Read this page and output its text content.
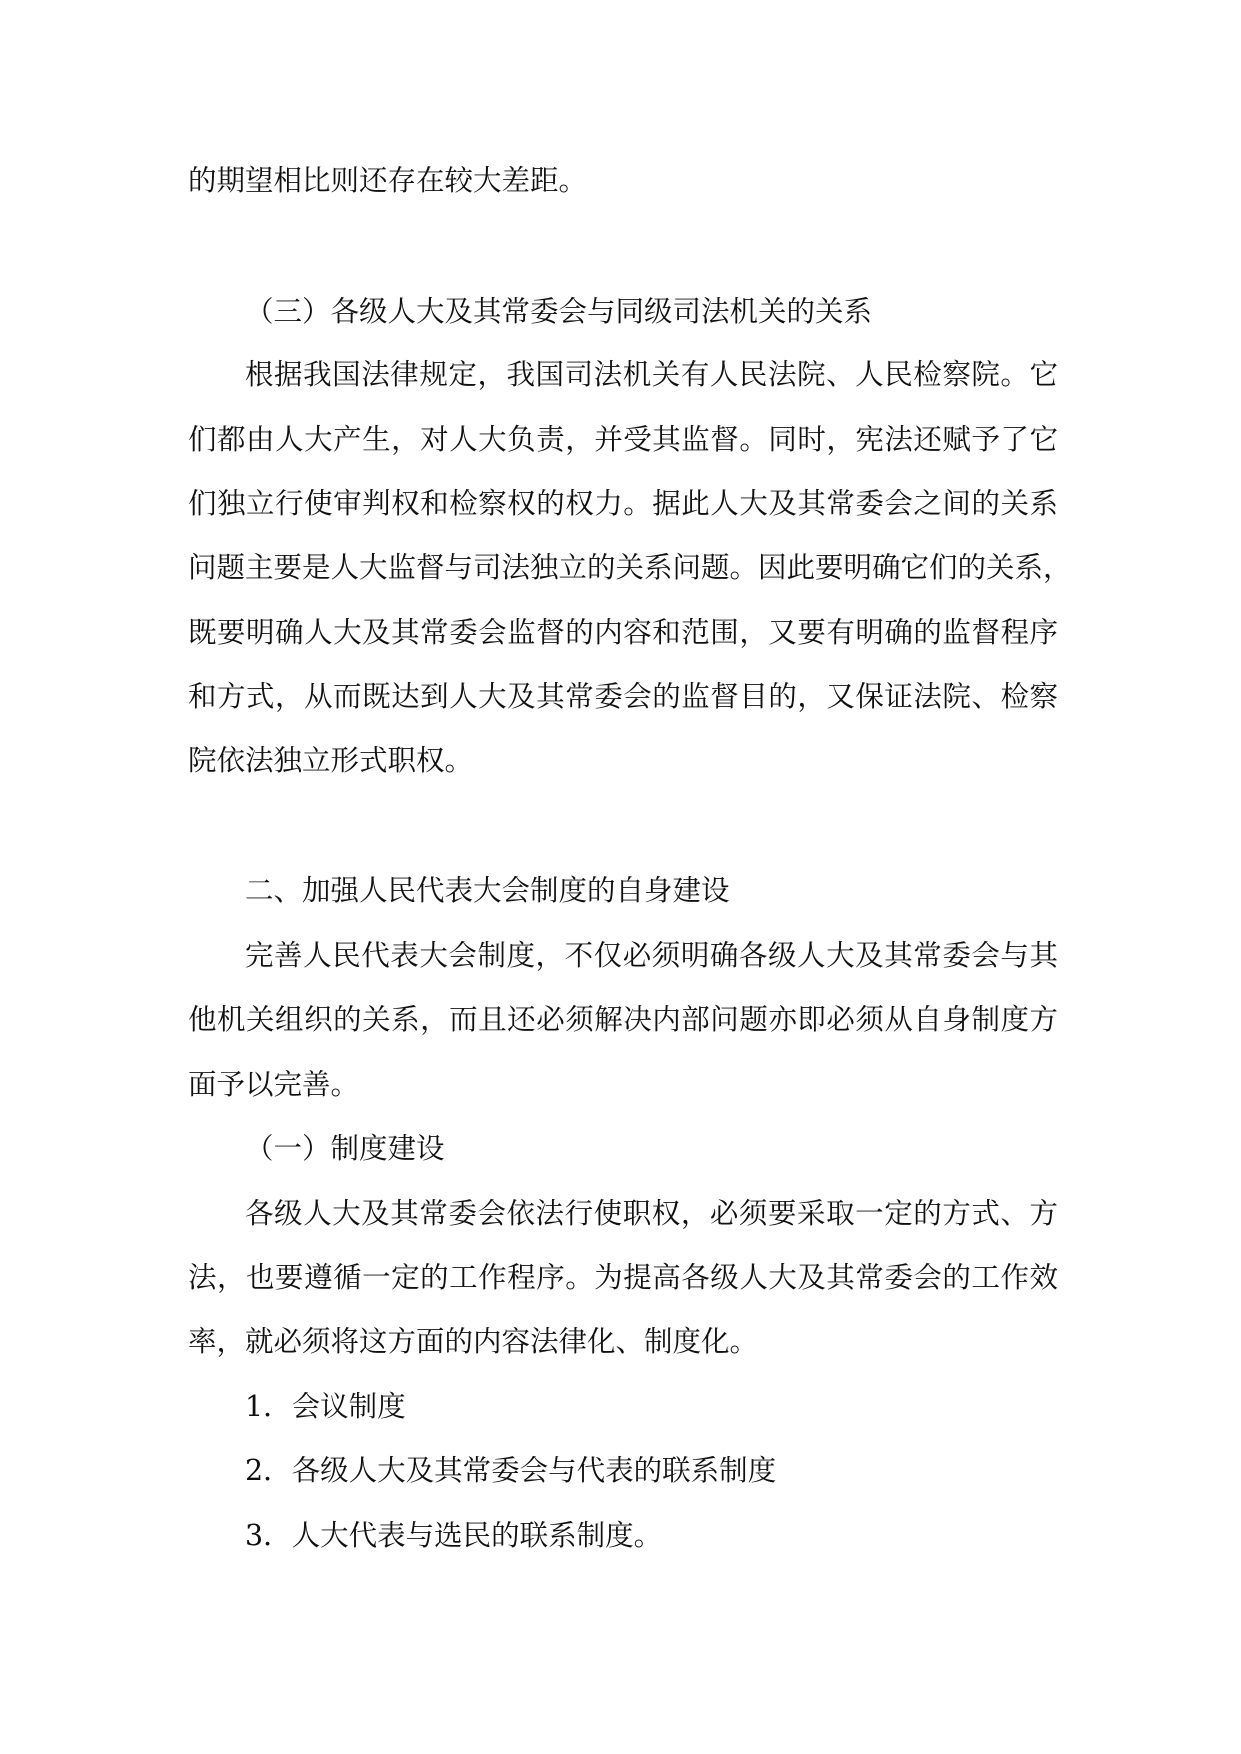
的期望相比则还存在较大差距。
（三）各级人大及其常委会与同级司法机关的关系
根据我国法律规定，我国司法机关有人民法院、人民检察院。它
们都由人大产生，对人大负责，并受其监督。同时，宪法还赋予了它
们独立行使审判权和检察权的权力。据此人大及其常委会之间的关系
问题主要是人大监督与司法独立的关系问题。因此要明确它们的关系，
既要明确人大及其常委会监督的内容和范围，又要有明确的监督程序
和方式，从而既达到人大及其常委会的监督目的，又保证法院、检察
院依法独立形式职权。
二、加强人民代表大会制度的自身建设
完善人民代表大会制度，不仅必须明确各级人大及其常委会与其
他机关组织的关系，而且还必须解决内部问题亦即必须从自身制度方
面予以完善。
（一）制度建设
各级人大及其常委会依法行使职权，必须要采取一定的方式、方
法，也要遵循一定的工作程序。为提高各级人大及其常委会的工作效
率，就必须将这方面的内容法律化、制度化。
1．会议制度
2．各级人大及其常委会与代表的联系制度
3．人大代表与选民的联系制度。
